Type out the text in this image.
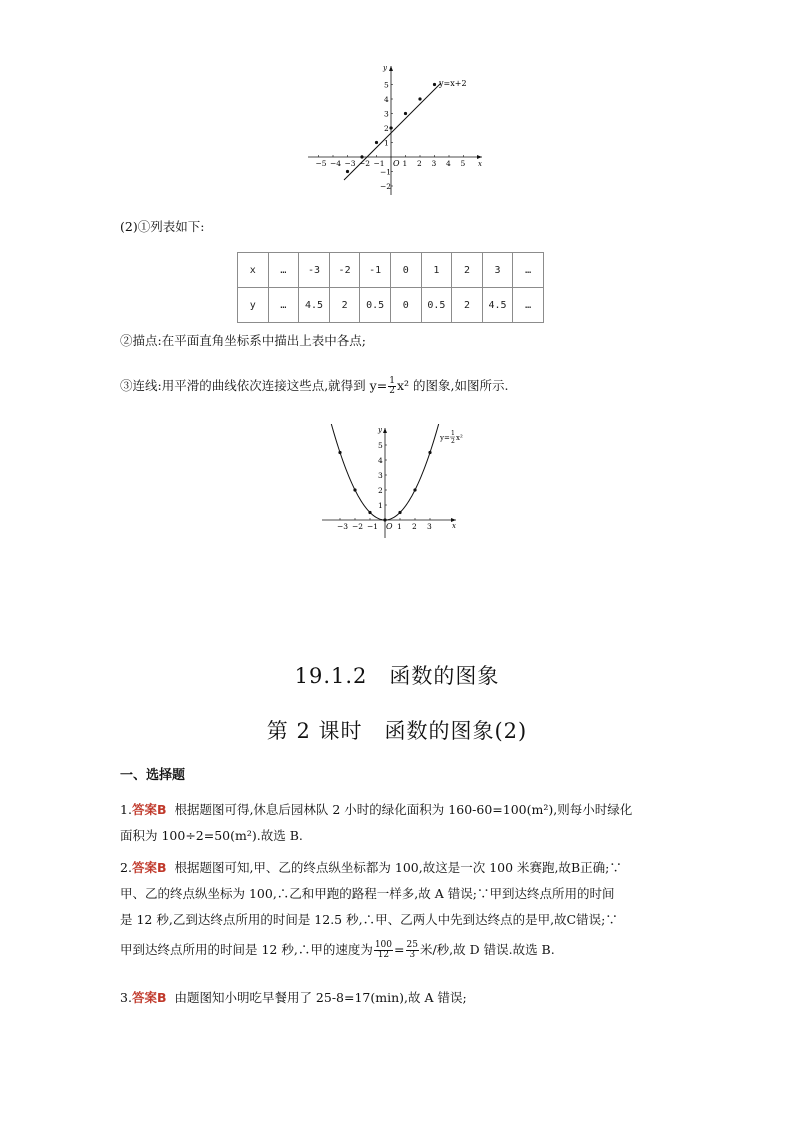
−5 −4 −3 −2 −1 1 2 3 4 5
5
4
3
2
1
−1
−2
O	x
y
y=x+2
(2)①列表如下:
x	…	-3	-2	-1	0	1	2	3	…
y	…	4.5	2	0.5	0	0.5	2	4.5	…
②描点:在平面直角坐标系中描出上表中各点;
③连线:用平滑的曲线依次连接这些点,就得到 $y= \frac{1}{2} x^2$ 的图象,如图所示.
−3 −2 −1	1 2 3
5
4
3
2
1
O	x
y
y=
1
2 x²
19.1.2　函数的图象
第 2 课时　函数的图象(2)
一、选择题
1.答案B 根据题图可得,休息后园林队 2 小时的绿化面积为 160-60=100(m²),则每小时绿化
面积为 100÷2=50(m²).故选 B.
2.答案B 根据题图可知,甲、乙的终点纵坐标都为 100,故这是一次 100 米赛跑,故B正确;∵
甲、乙的终点纵坐标为 100,∴乙和甲跑的路程一样多,故 A 错误;∵甲到达终点所用的时间
是 12 秒,乙到达终点所用的时间是 12.5 秒,∴甲、乙两人中先到达终点的是甲,故C错误;∵
甲到达终点所用的时间是 12 秒,∴甲的速度为 $\frac{100}{12} = \frac{25}{3}$ 米/秒,故 D 错误.故选 B.
3.答案B 由题图知小明吃早餐用了 25-8=17(min),故 A 错误;
